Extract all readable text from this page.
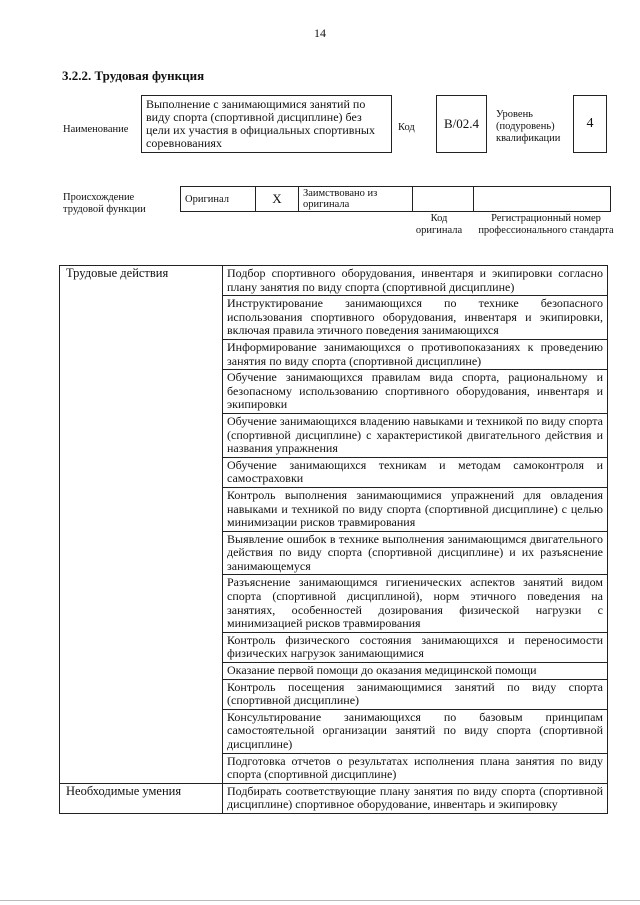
14
3.2.2. Трудовая функция
Наименование
Выполнение с занимающимися занятий по виду спорта (спортивной дисциплине) без цели их участия в официальных спортивных соревнованиях
Код	В/02.4
Уровень (подуровень) квалификации
4
Происхождение трудовой функции
Оригинал	X	Заимствовано из оригинала		
Код оригинала
Регистрационный номер профессионального стандарта
Трудовые действия	Подбор спортивного оборудования, инвентаря и экипировки согласно плану занятия по виду спорта (спортивной дисциплине)
	Инструктирование занимающихся по технике безопасного использования спортивного оборудования, инвентаря и экипировки, включая правила этичного поведения занимающихся
	Информирование занимающихся о противопоказаниях к проведению занятия по виду спорта (спортивной дисциплине)
	Обучение занимающихся правилам вида спорта, рациональному и безопасному использованию спортивного оборудования, инвентаря и экипировки
	Обучение занимающихся владению навыками и техникой по виду спорта (спортивной дисциплине) с характеристикой двигательного действия и названия упражнения
	Обучение занимающихся техникам и методам самоконтроля и самостраховки
	Контроль выполнения занимающимися упражнений для овладения навыками и техникой по виду спорта (спортивной дисциплине) с целью минимизации рисков травмирования
	Выявление ошибок в технике выполнения занимающимся двигательного действия по виду спорта (спортивной дисциплине) и их разъяснение занимающемуся
	Разъяснение занимающимся гигиенических аспектов занятий видом спорта (спортивной дисциплиной), норм этичного поведения на занятиях, особенностей дозирования физической нагрузки с минимизацией рисков травмирования
	Контроль физического состояния занимающихся и переносимости физических нагрузок занимающимися
	Оказание первой помощи до оказания медицинской помощи
	Контроль посещения занимающимися занятий по виду спорта (спортивной дисциплине)
	Консультирование занимающихся по базовым принципам самостоятельной организации занятий по виду спорта (спортивной дисциплине)
	Подготовка отчетов о результатах исполнения плана занятия по виду спорта (спортивной дисциплине)
Необходимые умения	Подбирать соответствующие плану занятия по виду спорта (спортивной дисциплине) спортивное оборудование, инвентарь и экипировку
